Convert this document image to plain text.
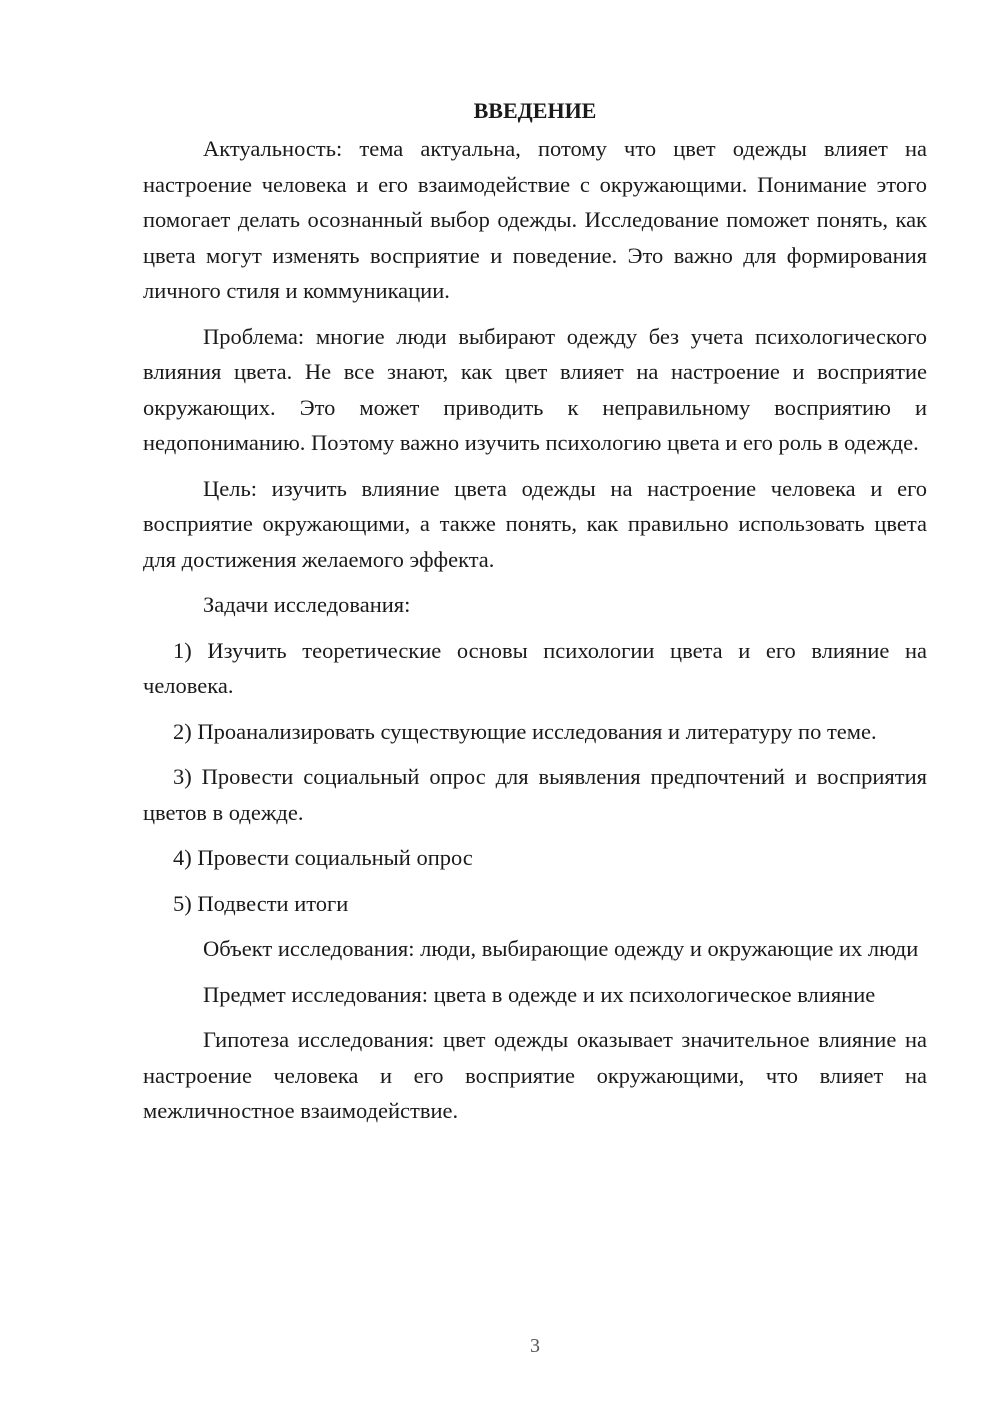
ВВЕДЕНИЕ

Актуальность: тема актуальна, потому что цвет одежды влияет на настроение человека и его взаимодействие с окружающими. Понимание этого помогает делать осознанный выбор одежды. Исследование поможет понять, как цвета могут изменять восприятие и поведение. Это важно для формирования личного стиля и коммуникации.

Проблема: многие люди выбирают одежду без учета психологического влияния цвета. Не все знают, как цвет влияет на настроение и восприятие окружающих. Это может приводить к неправильному восприятию и недопониманию. Поэтому важно изучить психологию цвета и его роль в одежде.

Цель: изучить влияние цвета одежды на настроение человека и его восприятие окружающими, а также понять, как правильно использовать цвета для достижения желаемого эффекта.

Задачи исследования:

1) Изучить теоретические основы психологии цвета и его влияние на человека.

2) Проанализировать существующие исследования и литературу по теме.

3) Провести социальный опрос для выявления предпочтений и восприятия цветов в одежде.

4) Провести социальный опрос

5) Подвести итоги

Объект исследования: люди, выбирающие одежду и окружающие их люди

Предмет исследования: цвета в одежде и их психологическое влияние

Гипотеза исследования: цвет одежды оказывает значительное влияние на настроение человека и его восприятие окружающими, что влияет на межличностное взаимодействие.

3
